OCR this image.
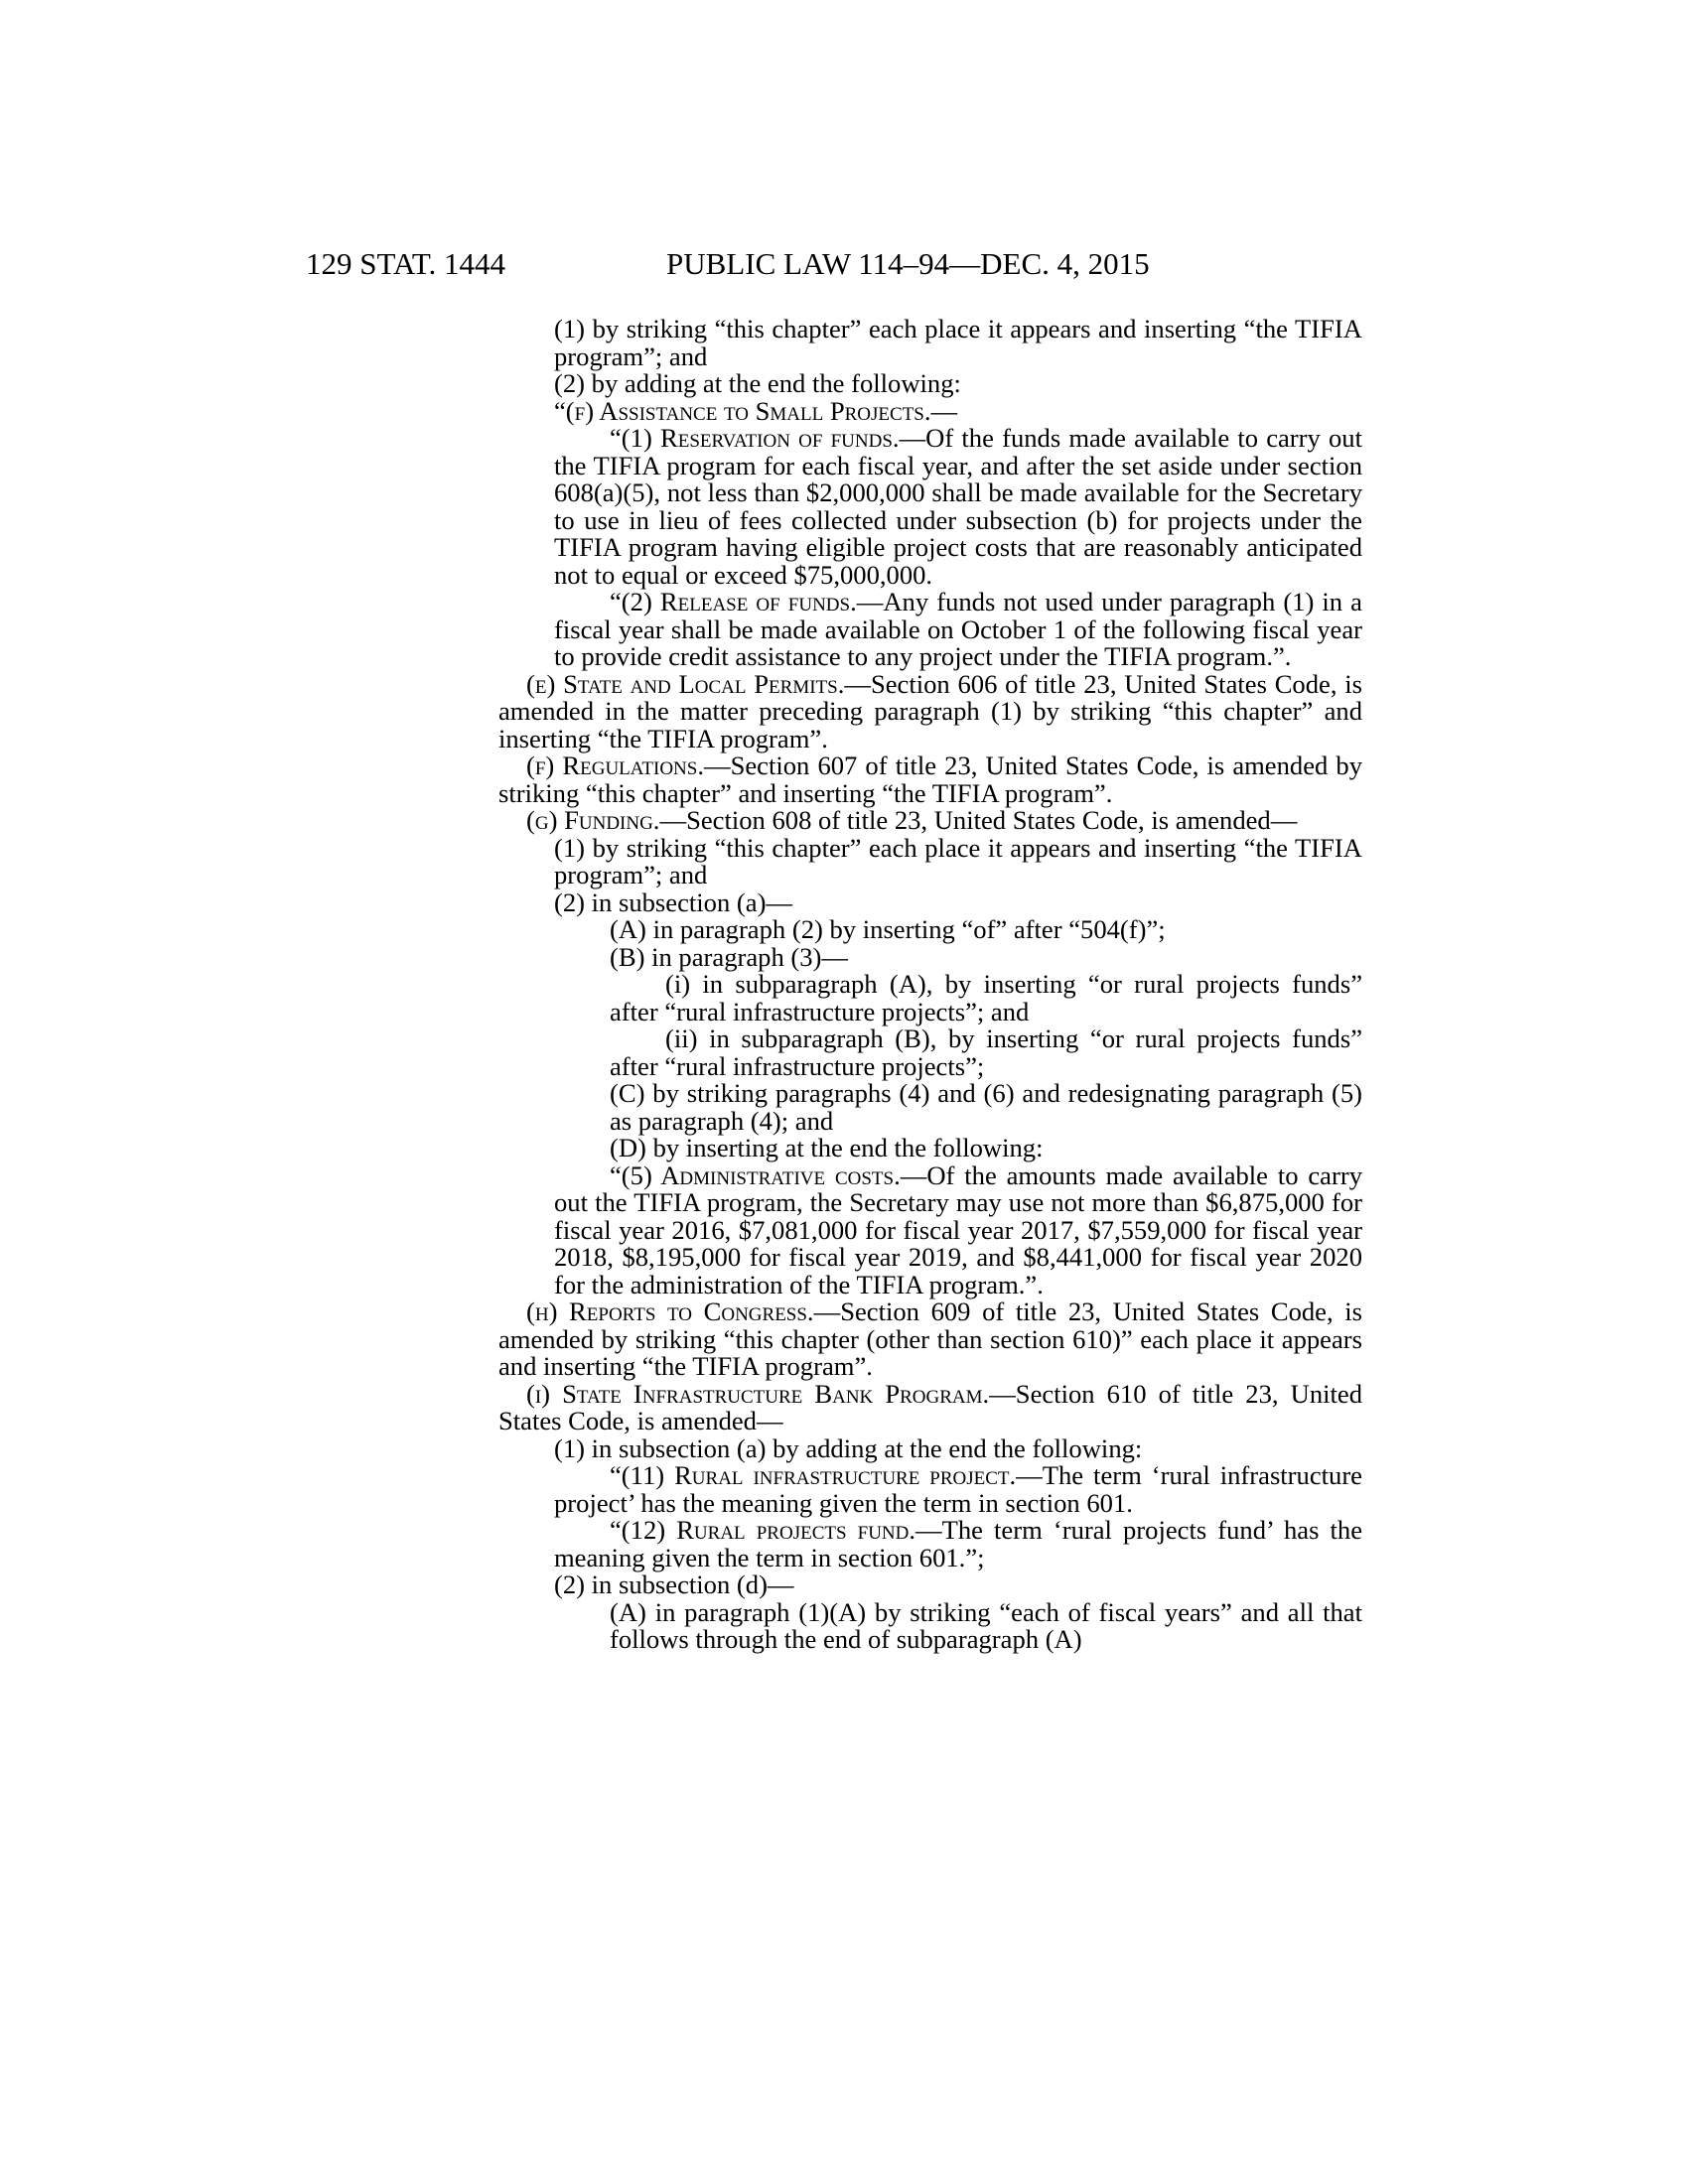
129 STAT. 1444	PUBLIC LAW 114–94—DEC. 4, 2015

(1) by striking “this chapter” each place it appears and inserting “the TIFIA program”; and

(2) by adding at the end the following:

“(f) Assistance to Small Projects.—

“(1) Reservation of funds.—Of the funds made available to carry out the TIFIA program for each fiscal year, and after the set aside under section 608(a)(5), not less than $2,000,000 shall be made available for the Secretary to use in lieu of fees collected under subsection (b) for projects under the TIFIA program having eligible project costs that are reasonably anticipated not to equal or exceed $75,000,000.

“(2) Release of funds.—Any funds not used under paragraph (1) in a fiscal year shall be made available on October 1 of the following fiscal year to provide credit assistance to any project under the TIFIA program.”.

(e) State and Local Permits.—Section 606 of title 23, United States Code, is amended in the matter preceding paragraph (1) by striking “this chapter” and inserting “the TIFIA program”.

(f) Regulations.—Section 607 of title 23, United States Code, is amended by striking “this chapter” and inserting “the TIFIA program”.

(g) Funding.—Section 608 of title 23, United States Code, is amended—

(1) by striking “this chapter” each place it appears and inserting “the TIFIA program”; and

(2) in subsection (a)—

(A) in paragraph (2) by inserting “of” after “504(f)”;

(B) in paragraph (3)—

(i) in subparagraph (A), by inserting “or rural projects funds” after “rural infrastructure projects”; and

(ii) in subparagraph (B), by inserting “or rural projects funds” after “rural infrastructure projects”;

(C) by striking paragraphs (4) and (6) and redesignating paragraph (5) as paragraph (4); and

(D) by inserting at the end the following:

“(5) Administrative costs.—Of the amounts made available to carry out the TIFIA program, the Secretary may use not more than $6,875,000 for fiscal year 2016, $7,081,000 for fiscal year 2017, $7,559,000 for fiscal year 2018, $8,195,000 for fiscal year 2019, and $8,441,000 for fiscal year 2020 for the administration of the TIFIA program.”.

(h) Reports to Congress.—Section 609 of title 23, United States Code, is amended by striking “this chapter (other than section 610)” each place it appears and inserting “the TIFIA program”.

(i) State Infrastructure Bank Program.—Section 610 of title 23, United States Code, is amended—

(1) in subsection (a) by adding at the end the following:

“(11) Rural infrastructure project.—The term ‘rural infrastructure project’ has the meaning given the term in section 601.

“(12) Rural projects fund.—The term ‘rural projects fund’ has the meaning given the term in section 601.”;

(2) in subsection (d)—

(A) in paragraph (1)(A) by striking “each of fiscal years” and all that follows through the end of subparagraph (A)
